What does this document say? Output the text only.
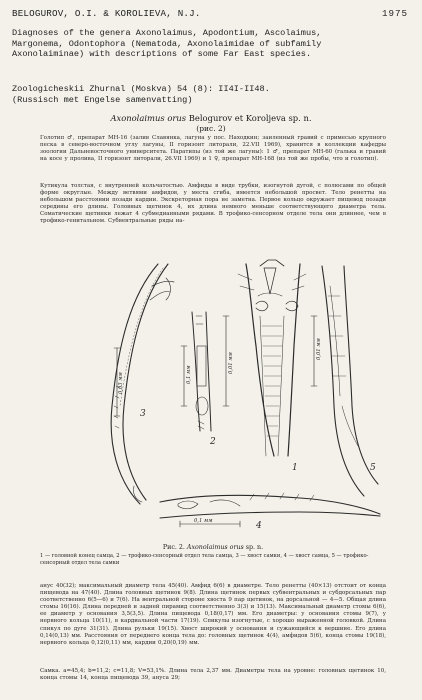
BELOGUROV, O.I. & KOROLIEVA, N.J.	1975
Diagnoses of the genera Axonolaimus, Apodontium, Ascolaimus,
Margonema, Odontophora (Nematoda, Axonolaimidae of subfamily
Axonolaiminae) with descriptions of some Far East species.
Zoologicheskii Zhurnal (Moskva) 54 (8): II4I-II48.
(Russisch met Engelse samenvatting)
Axonolaimus orus Belogurov et Koroljeva sp. n.
(рис. 2)
Голотип ♂, препарат МН-16 (залив Славянка, лагуна у пос. Находкин; заиленный гравий с примесью крупного песка в северо-восточном углу лагуны, II горизонт литорали, 22.VII 1969), хранится в коллекции кафедры зоологии Дальневосточного университета. Паратипы (из той же лагуны): 1 ♂, препарат МН-60 (галька и гравий на косе у пролива, II горизонт литорали, 26.VII 1969) и 1 ♀, препарат МН-168 (из той же пробы, что и голотип).
Кутикула толстая, с внутренней кольчатостью. Амфиды в виде трубки, изогнутой дугой, с полюсами по общей форме округлые. Между ветвями амфидов, у места сгиба, имеется небольшой просвет. Тело ренетты на небольшом расстоянии позади кардии. Экскреторная пора не заметна. Первое кольцо окружает пищевод позади середины его длины. Головных щетинок 4, их длина немного меньше соответствующего диаметра тела. Соматические щетинки лежат 4 субмедианными рядами. В трофико-сенсорном отделе тела они длиннее, чем в трофико-генитальном. Субвентральные ряды на-
3
2
1	5
4
0,03 мм	0,1 мм
0,01 мм
0,01 мм
0,1 мм
Рис. 2. Axonolaimus orus sp. n.
1 — головной конец самца, 2 — трофико-сенсорный отдел тела самца, 3 — хвост самки, 4 — хвост самца, 5 — трофико-сенсорный отдел тела самки
анус 40(32); максимальный диаметр тела 45(40). Амфид 6(6) в диаметре. Тело ренетты (40×13) отстоит от конца пищевода на 47(40). Длина головных щетинок 9(8). Длина щетинок первых субвентральных и субдорсальных пар соответственно 6(5—6) и 7(6). На вентральной стороне хвоста 9 пар щетинок, на дорсальной — 4—5. Общая длина стомы 16(16). Длина передней и задней пирамид соответственно 3(3) и 15(13). Максимальный диаметр стомы 6(6), ее диаметр у основания 3,5(3,5). Длина пищевода 0,18(0,17) мм. Его диаметры: у основания стомы 9(7), у нервного кольца 10(11), в кардиальной части 17(19). Спикулы изогнутые, с хорошо выраженной головкой. Длина спикул по дуге 31(31). Длина рульки 19(15). Хвост широкий у основания и сужающийся к вершине. Его длина 0,14(0,13) мм. Расстояния от переднего конца тела до: головных щетинок 4(4), амфидов 5(6), конца стомы 19(18), нервного кольца 0,12(0,11) мм, кардии 0,20(0,19) мм.
Самка. a=45,4; b=11,2; c=11,8; V=53,1%. Длина тела 2,37 мм. Диаметры тела на уровне: головных щетинок 10, конца стомы 14, конца пищевода 39, ануса 29;
